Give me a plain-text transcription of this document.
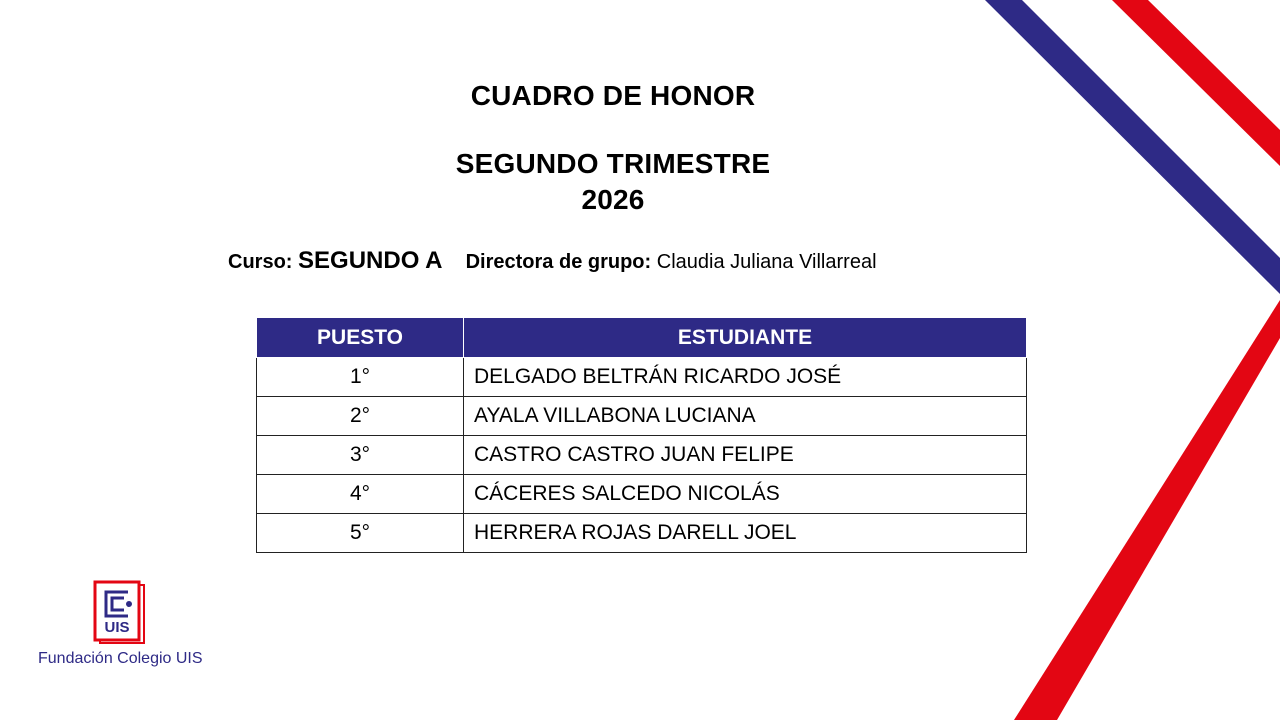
CUADRO DE HONOR
SEGUNDO TRIMESTRE
2026
Curso: SEGUNDO A Directora de grupo: Claudia Juliana Villarreal
PUESTO	ESTUDIANTE
1°	DELGADO BELTRÁN RICARDO JOSÉ
2°	AYALA VILLABONA LUCIANA
3°	CASTRO CASTRO JUAN FELIPE
4°	CÁCERES SALCEDO NICOLÁS
5°	HERRERA ROJAS DARELL JOEL
UIS
Fundación Colegio UIS
